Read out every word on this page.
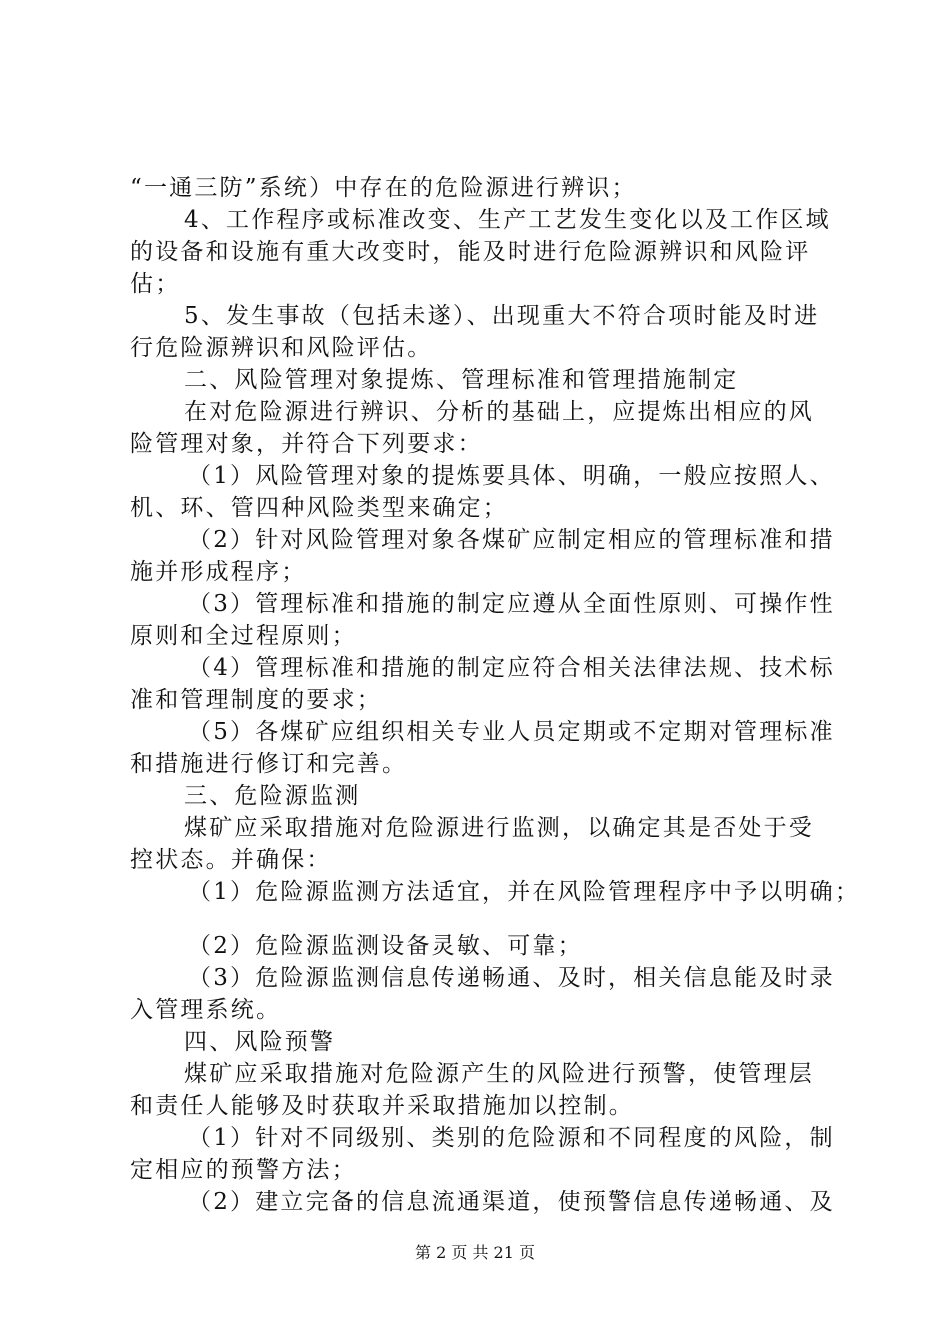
“一通三防”系统）中存在的危险源进行辨识；
4、工作程序或标准改变、生产工艺发生变化以及工作区域
的设备和设施有重大改变时，能及时进行危险源辨识和风险评
估；
5、发生事故（包括未遂）、出现重大不符合项时能及时进
行危险源辨识和风险评估。
二、风险管理对象提炼、管理标准和管理措施制定
在对危险源进行辨识、分析的基础上，应提炼出相应的风
险管理对象，并符合下列要求：
（1）风险管理对象的提炼要具体、明确，一般应按照人、
机、环、管四种风险类型来确定；
（2）针对风险管理对象各煤矿应制定相应的管理标准和措
施并形成程序；
（3）管理标准和措施的制定应遵从全面性原则、可操作性
原则和全过程原则；
（4）管理标准和措施的制定应符合相关法律法规、技术标
准和管理制度的要求；
（5）各煤矿应组织相关专业人员定期或不定期对管理标准
和措施进行修订和完善。
三、危险源监测
煤矿应采取措施对危险源进行监测，以确定其是否处于受
控状态。并确保：
（1）危险源监测方法适宜，并在风险管理程序中予以明确；
（2）危险源监测设备灵敏、可靠；
（3）危险源监测信息传递畅通、及时，相关信息能及时录
入管理系统。
四、风险预警
煤矿应采取措施对危险源产生的风险进行预警，使管理层
和责任人能够及时获取并采取措施加以控制。
（1）针对不同级别、类别的危险源和不同程度的风险，制
定相应的预警方法；
（2）建立完备的信息流通渠道，使预警信息传递畅通、及
第 2 页 共 21 页
